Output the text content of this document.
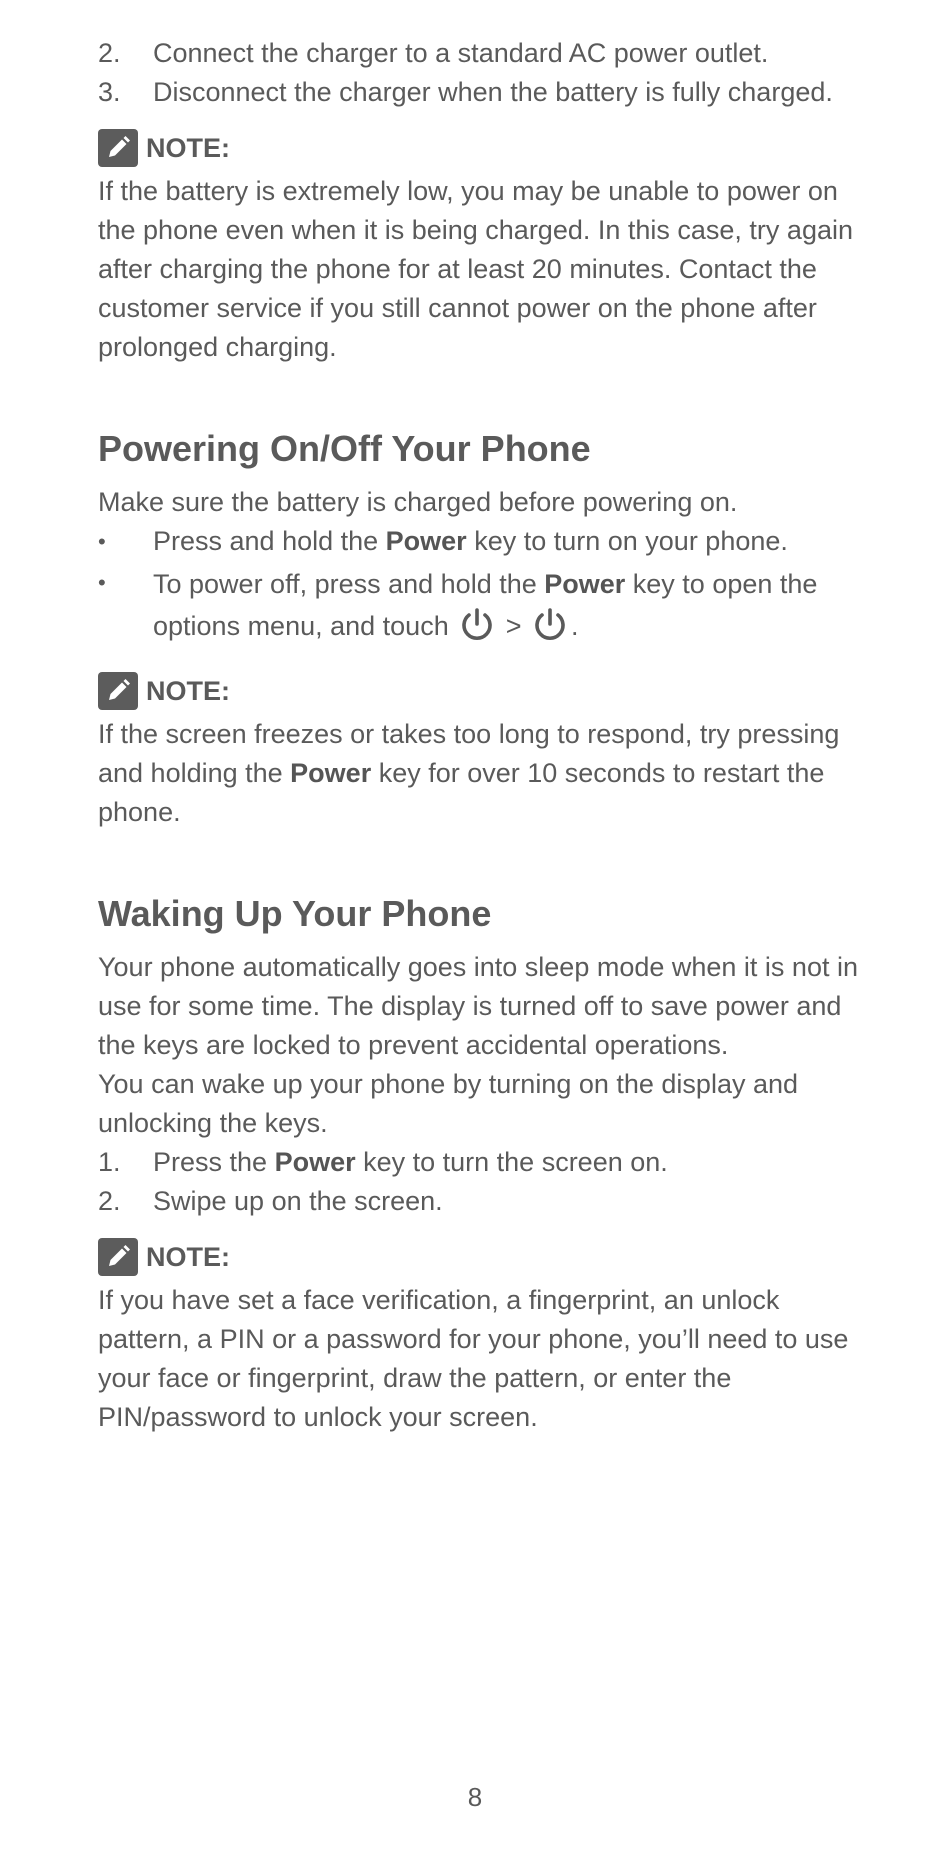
2.	Connect the charger to a standard AC power outlet.
3.	Disconnect the charger when the battery is fully charged.
NOTE:

If the battery is extremely low, you may be unable to power on the phone even when it is being charged. In this case, try again after charging the phone for at least 20 minutes. Contact the customer service if you still cannot power on the phone after prolonged charging.

Powering On/Off Your Phone

Make sure the battery is charged before powering on.

•	Press and hold the Power key to turn on your phone.
•	To power off, press and hold the Power key to open the options menu, and touch  > .
NOTE:

If the screen freezes or takes too long to respond, try pressing and holding the Power key for over 10 seconds to restart the phone.

Waking Up Your Phone

Your phone automatically goes into sleep mode when it is not in use for some time. The display is turned off to save power and the keys are locked to prevent accidental operations.

You can wake up your phone by turning on the display and unlocking the keys.

1.	Press the Power key to turn the screen on.
2.	Swipe up on the screen.
NOTE:

If you have set a face verification, a fingerprint, an unlock pattern, a PIN or a password for your phone, you’ll need to use your face or fingerprint, draw the pattern, or enter the PIN/password to unlock your screen.

8
